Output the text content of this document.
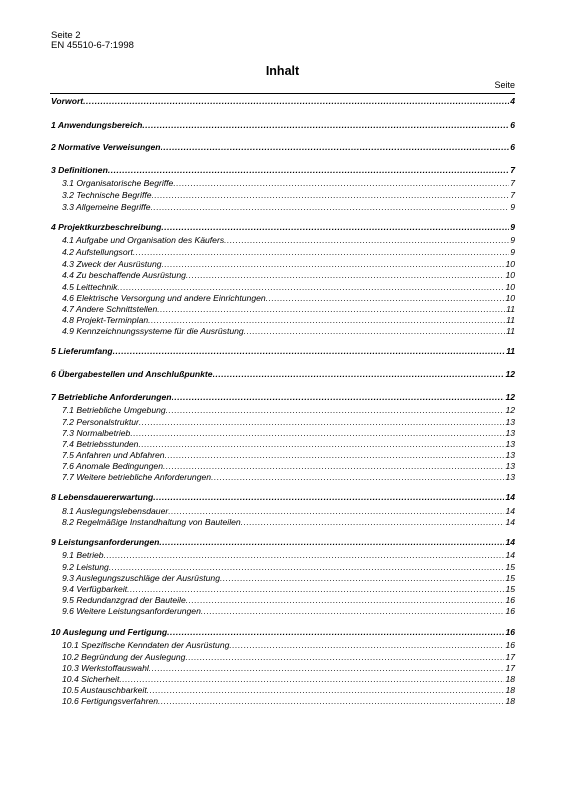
Seite 2
EN 45510-6-7:1998
Inhalt
Seite
Vorwort .....	4
1 Anwendungsbereich .....	6
2 Normative Verweisungen .....	6
3 Definitionen .....	7
3.1 Organisatorische Begriffe .....	7
3.2 Technische Begriffe .....	7
3.3 Allgemeine Begriffe .....	9
4 Projektkurzbeschreibung .....	9
4.1 Aufgabe und Organisation des Käufers .....	9
4.2 Aufstellungsort .....	9
4.3 Zweck der Ausrüstung .....	10
4.4 Zu beschaffende Ausrüstung .....	10
4.5 Leittechnik .....	10
4.6 Elektrische Versorgung und andere Einrichtungen .....	10
4.7 Andere Schnittstellen .....	11
4.8 Projekt-Terminplan .....	11
4.9 Kennzeichnungssysteme für die Ausrüstung .....	11
5 Lieferumfang .....	11
6 Übergabestellen und Anschlußpunkte .....	12
7 Betriebliche Anforderungen .....	12
7.1 Betriebliche Umgebung .....	12
7.2 Personalstruktur .....	13
7.3 Normalbetrieb .....	13
7.4 Betriebsstunden .....	13
7.5 Anfahren und Abfahren .....	13
7.6 Anomale Bedingungen .....	13
7.7 Weitere betriebliche Anforderungen .....	13
8 Lebensdauererwartung .....	14
8.1 Auslegungslebensdauer .....	14
8.2 Regelmäßige Instandhaltung von Bauteilen .....	14
9 Leistungsanforderungen .....	14
9.1 Betrieb .....	14
9.2 Leistung .....	15
9.3 Auslegungszuschläge der Ausrüstung .....	15
9.4 Verfügbarkeit .....	15
9.5 Redundanzgrad der Bauteile .....	16
9.6 Weitere Leistungsanforderungen .....	16
10 Auslegung und Fertigung .....	16
10.1 Spezifische Kenndaten der Ausrüstung .....	16
10.2 Begründung der Auslegung .....	17
10.3 Werkstoffauswahl .....	17
10.4 Sicherheit .....	18
10.5 Austauschbarkeit .....	18
10.6 Fertigungsverfahren .....	18
